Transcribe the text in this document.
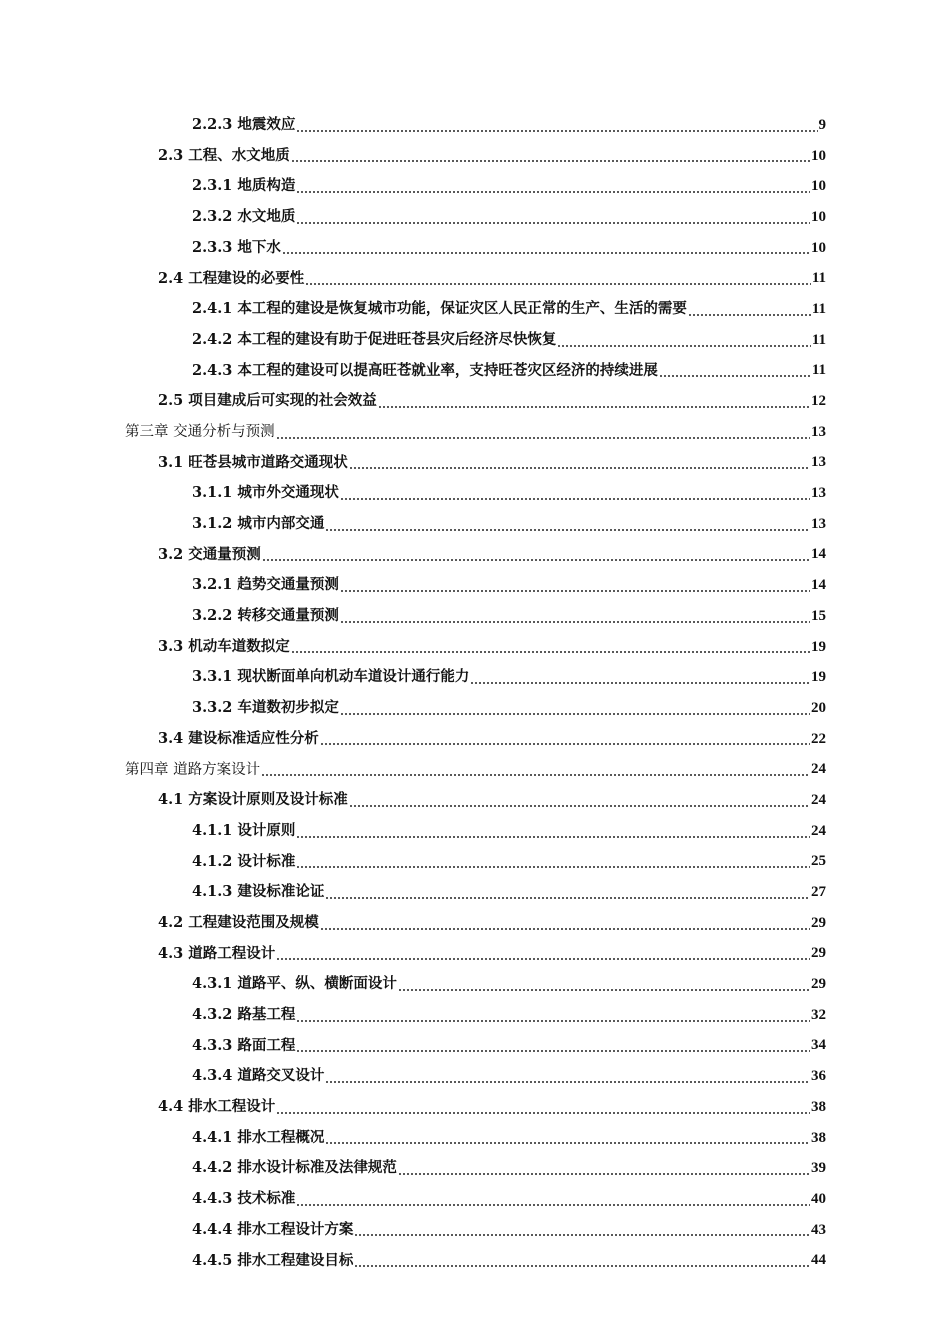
2.2.3 地震效应	9
2.3 工程、水文地质	10
2.3.1 地质构造	10
2.3.2 水文地质	10
2.3.3 地下水	10
2.4 工程建设的必要性	11
2.4.1 本工程的建设是恢复城市功能，保证灾区人民正常的生产、生活的需要	11
2.4.2 本工程的建设有助于促进旺苍县灾后经济尽快恢复	11
2.4.3 本工程的建设可以提高旺苍就业率，支持旺苍灾区经济的持续进展	11
2.5 项目建成后可实现的社会效益	12
第三章 交通分析与预测	13
3.1 旺苍县城市道路交通现状	13
3.1.1 城市外交通现状	13
3.1.2 城市内部交通	13
3.2 交通量预测	14
3.2.1 趋势交通量预测	14
3.2.2 转移交通量预测	15
3.3 机动车道数拟定	19
3.3.1 现状断面单向机动车道设计通行能力	19
3.3.2 车道数初步拟定	20
3.4 建设标准适应性分析	22
第四章 道路方案设计	24
4.1 方案设计原则及设计标准	24
4.1.1 设计原则	24
4.1.2 设计标准	25
4.1.3 建设标准论证	27
4.2 工程建设范围及规模	29
4.3 道路工程设计	29
4.3.1 道路平、纵、横断面设计	29
4.3.2 路基工程	32
4.3.3 路面工程	34
4.3.4 道路交叉设计	36
4.4 排水工程设计	38
4.4.1 排水工程概况	38
4.4.2 排水设计标准及法律规范	39
4.4.3 技术标准	40
4.4.4 排水工程设计方案	43
4.4.5 排水工程建设目标	44
